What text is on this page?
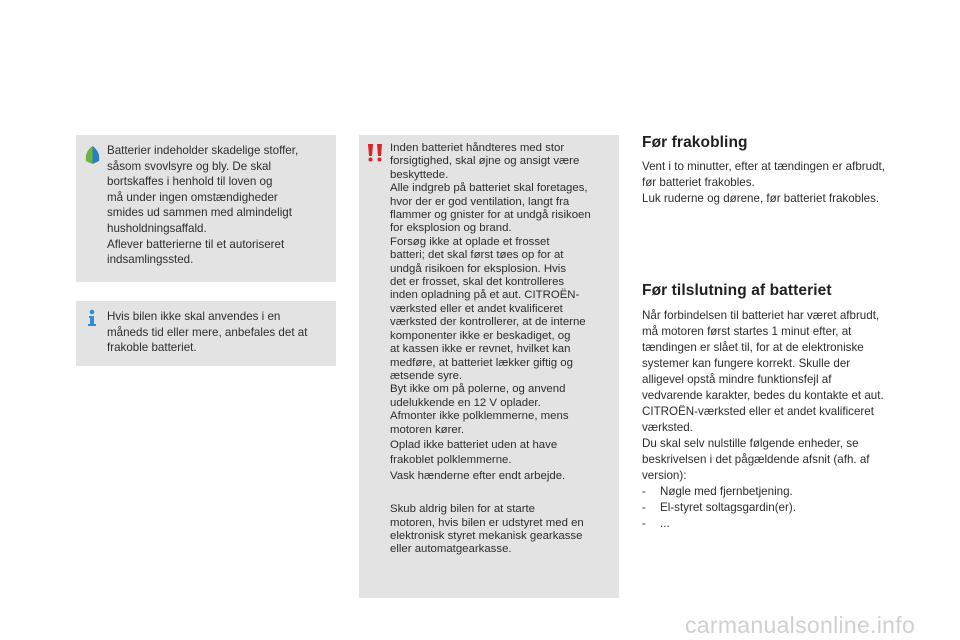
Batterier indeholder skadelige stoffer,

såsom svovlsyre og bly. De skal

bortskaffes i henhold til loven og

må under ingen omstændigheder

smides ud sammen med almindeligt

husholdningsaffald.

Aflever batterierne til et autoriseret

indsamlingssted.

Hvis bilen ikke skal anvendes i en

måneds tid eller mere, anbefales det at

frakoble batteriet.

Inden batteriet håndteres med stor

forsigtighed, skal øjne og ansigt være

beskyttede.

Alle indgreb på batteriet skal foretages,

hvor der er god ventilation, langt fra

flammer og gnister for at undgå risikoen

for eksplosion og brand.

Forsøg ikke at oplade et frosset

batteri; det skal først tøes op for at

undgå risikoen for eksplosion. Hvis

det er frosset, skal det kontrolleres

inden opladning på et aut. CITROËN-

værksted eller et andet kvalificeret

værksted der kontrollerer, at de interne

komponenter ikke er beskadiget, og

at kassen ikke er revnet, hvilket kan

medføre, at batteriet lækker giftig og

ætsende syre.

Byt ikke om på polerne, og anvend

udelukkende en 12 V oplader.

Afmonter ikke polklemmerne, mens

motoren kører.

Oplad ikke batteriet uden at have

frakoblet polklemmerne.

Vask hænderne efter endt arbejde.

Skub aldrig bilen for at starte

motoren, hvis bilen er udstyret med en

elektronisk styret mekanisk gearkasse

eller automatgearkasse.

Før frakobling

Vent i to minutter, efter at tændingen er afbrudt,

før batteriet frakobles.

Luk ruderne og dørene, før batteriet frakobles.

Før tilslutning af batteriet

Når forbindelsen til batteriet har været afbrudt,

må motoren først startes 1 minut efter, at

tændingen er slået til, for at de elektroniske

systemer kan fungere korrekt. Skulle der

alligevel opstå mindre funktionsfejl af

vedvarende karakter, bedes du kontakte et aut.

CITROËN-værksted eller et andet kvalificeret

værksted.

Du skal selv nulstille følgende enheder, se

beskrivelsen i det pågældende afsnit (afh. af

version):

-	Nøgle med fjernbetjening.

-	El-styret soltagsgardin(er).

-	...

carmanualsonline.info
